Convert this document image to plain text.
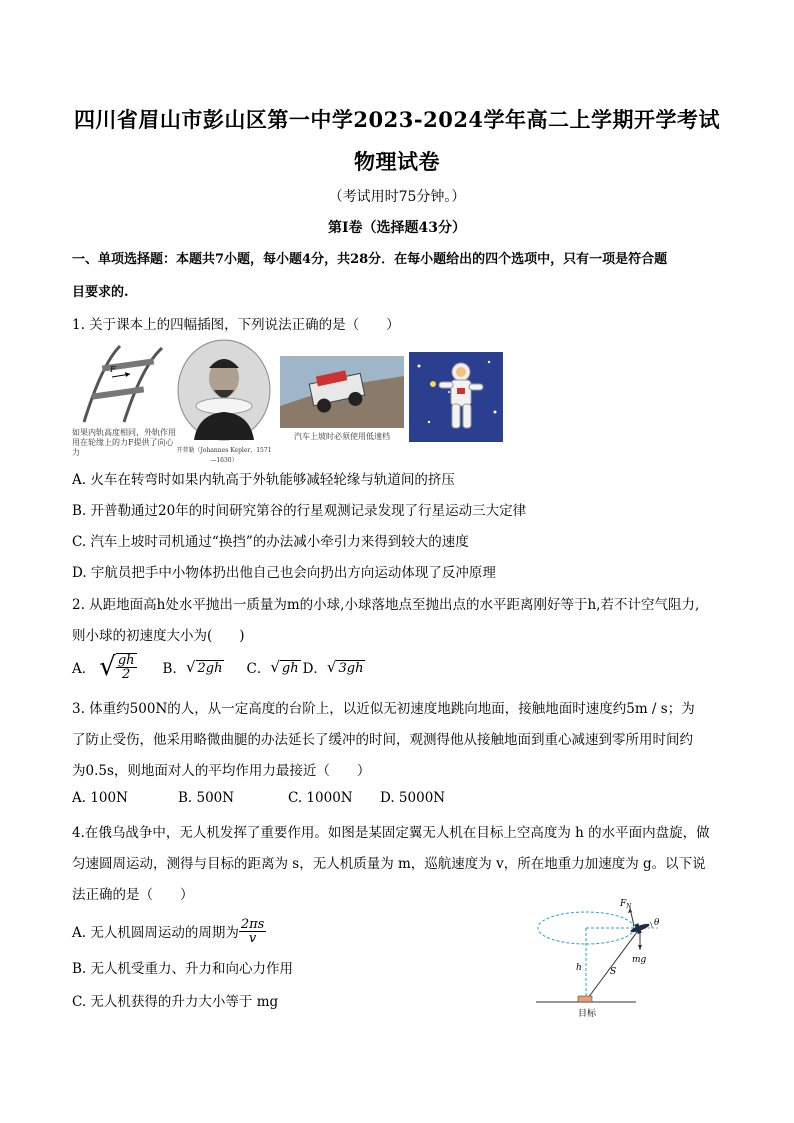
四川省眉山市彭山区第一中学2023-2024学年高二上学期开学考试
物理试卷
（考试用时75分钟。）
第Ⅰ卷（选择题43分）
一、单项选择题：本题共7小题，每小题4分，共28分．在每小题给出的四个选项中，只有一项是符合题
目要求的.
1. 关于课本上的四幅插图，下列说法正确的是（　　）
F
如果内轨高度相同，外轨作用用在轮缘上的力F提供了向心力	开普勒（Johannes Kepler，1571—1630）
汽车上坡时必须使用低速档
A. 火车在转弯时如果内轨高于外轨能够减轻轮缘与轨道间的挤压
B. 开普勒通过20年的时间研究第谷的行星观测记录发现了行星运动三大定律
C. 汽车上坡时司机通过“换挡”的办法减小牵引力来得到较大的速度
D. 宇航员把手中小物体扔出他自己也会向扔出方向运动体现了反冲原理
2. 从距地面高h处水平抛出一质量为m的小球,小球落地点至抛出点的水平距离刚好等于h,若不计空气阻力,
则小球的初速度大小为(　　)
A． √ $\frac{gh}{2}$ B． √ 2gh C． √ gh D． √ 3gh
3. 体重约500N的人，从一定高度的台阶上，以近似无初速度地跳向地面，接触地面时速度约5m / s；为
了防止受伤，他采用略微曲腿的办法延长了缓冲的时间，观测得他从接触地面到重心减速到零所用时间约
为0.5s，则地面对人的平均作用力最接近（　　）
A. 100N	B. 500N	C. 1000N D. 5000N
4.在俄乌战争中，无人机发挥了重要作用。如图是某固定翼无人机在目标上空高度为 h 的水平面内盘旋，做
匀速圆周运动，测得与目标的距离为 s，无人机质量为 m，巡航速度为 v，所在地重力加速度为 g。以下说
法正确的是（　　）
A. 无人机圆周运动的周期为 $\frac{2\pi s}{v}$
B. 无人机受重力、升力和向心力作用
C. 无人机获得的升力大小等于 mg
$F_N$
θ
mg
h	S
目标
